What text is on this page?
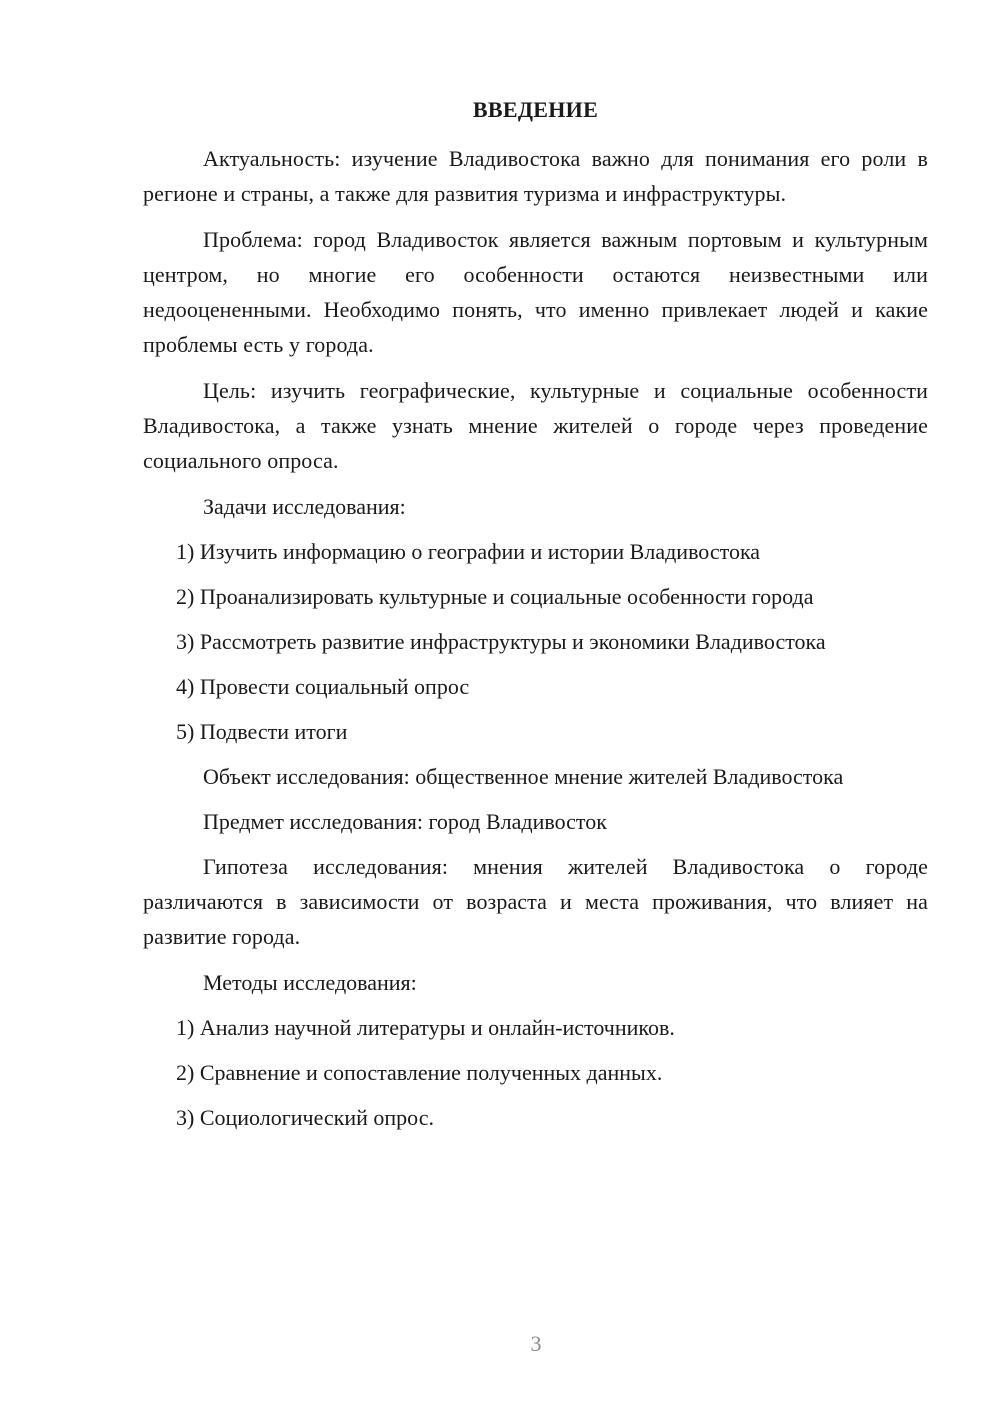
ВВЕДЕНИЕ

Актуальность: изучение Владивостока важно для понимания его роли в регионе и страны, а также для развития туризма и инфраструктуры.

Проблема: город Владивосток является важным портовым и культурным центром, но многие его особенности остаются неизвестными или недооцененными. Необходимо понять, что именно привлекает людей и какие проблемы есть у города.

Цель: изучить географические, культурные и социальные особенности Владивостока, а также узнать мнение жителей о городе через проведение социального опроса.

Задачи исследования:

1) Изучить информацию о географии и истории Владивостока
2) Проанализировать культурные и социальные особенности города
3) Рассмотреть развитие инфраструктуры и экономики Владивостока
4) Провести социальный опрос
5) Подвести итоги

Объект исследования: общественное мнение жителей Владивостока

Предмет исследования: город Владивосток

Гипотеза исследования: мнения жителей Владивостока о городе различаются в зависимости от возраста и места проживания, что влияет на развитие города.

Методы исследования:

1) Анализ научной литературы и онлайн-источников.
2) Сравнение и сопоставление полученных данных.
3) Социологический опрос.
3
